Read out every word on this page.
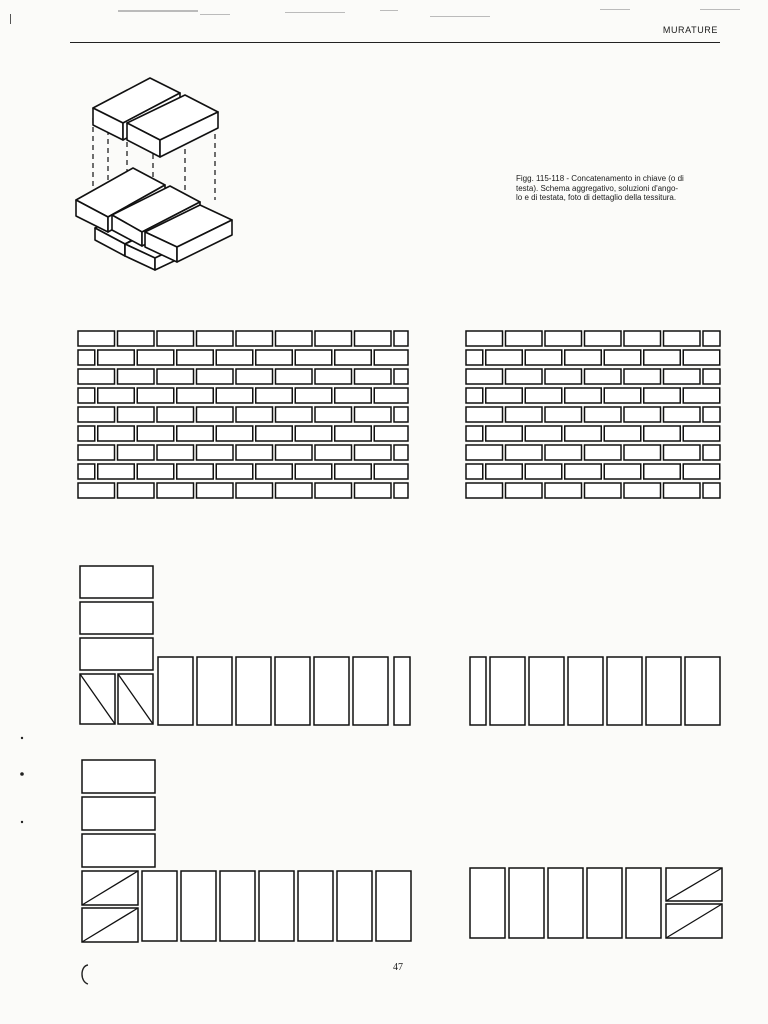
MURATURE
Figg. 115-118 - Concatenamento in chiave (o di
testa). Schema aggregativo, soluzioni d'ango-
lo e di testata, foto di dettaglio della tessitura.
47
